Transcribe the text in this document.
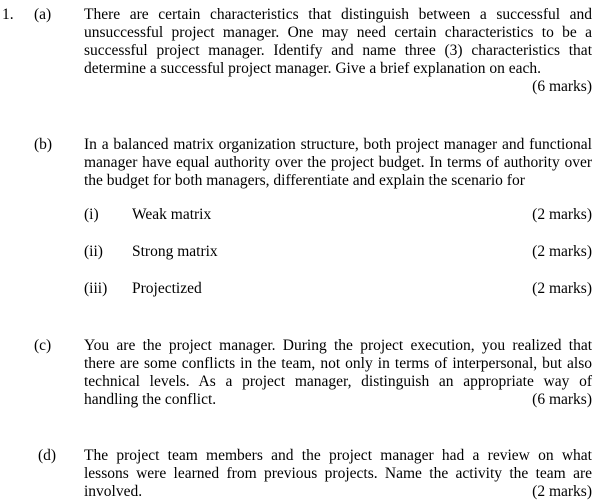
1. (a) There are certain characteristics that distinguish between a successful and
unsuccessful project manager. One may need certain characteristics to be a
successful project manager. Identify and name three (3) characteristics that
determine a successful project manager. Give a brief explanation on each.
(6 marks)
(b) In a balanced matrix organization structure, both project manager and functional
manager have equal authority over the project budget. In terms of authority over
the budget for both managers, differentiate and explain the scenario for
(i) Weak matrix	(2 marks)
(ii) Strong matrix	(2 marks)
(iii) Projectized	(2 marks)
(c) You are the project manager. During the project execution, you realized that
there are some conflicts in the team, not only in terms of interpersonal, but also
technical levels. As a project manager, distinguish an appropriate way of
handling the conflict.	(6 marks)
(d) The project team members and the project manager had a review on what
lessons were learned from previous projects. Name the activity the team are
involved.	(2 marks)
